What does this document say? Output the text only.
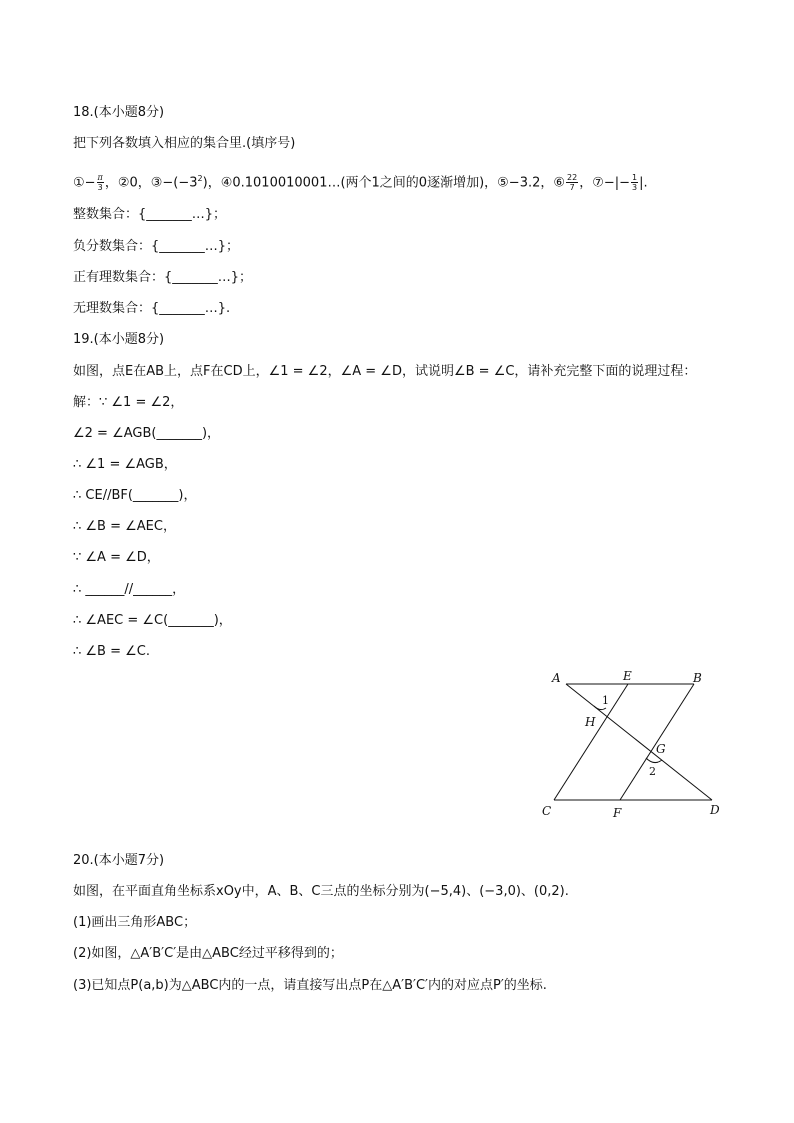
18.(本小题8分)
把下列各数填入相应的集合里.(填序号)
①− $\frac{\pi}{3}$ ，②0，$③-(-3^2)$，④0.1010010001…(两个1之间的0逐渐增加)，⑤−3.2，⑥ $\frac{22}{7}$ ，⑦−|− $\frac{1}{3}$ |.
整数集合：{_______…}；
负分数集合：{_______…}；
正有理数集合：{_______…}；
无理数集合：{_______…}.
19.(本小题8分)
如图，点E在AB上，点F在CD上，∠1 = ∠2，∠A = ∠D，试说明∠B = ∠C，请补充完整下面的说理过程：
解：∵ ∠1 = ∠2，
∠2 = ∠AGB(_______)，
∴ ∠1 = ∠AGB，
∴ CE//BF(_______)，
∴ ∠B = ∠AEC，
∵ ∠A = ∠D，
∴ ______//______，
∴ ∠AEC = ∠C(_______)，
∴ ∠B = ∠C.
A	E	B
1
H
G
2
C	F	D
20.(本小题7分)
如图，在平面直角坐标系xOy中，A、B、C三点的坐标分别为(−5,4)、(−3,0)、(0,2).
(1)画出三角形ABC；
(2)如图，△A′B′C′是由△ABC经过平移得到的；
(3)已知点P(a,b)为△ABC内的一点，请直接写出点P在△A′B′C′内的对应点P′的坐标.
